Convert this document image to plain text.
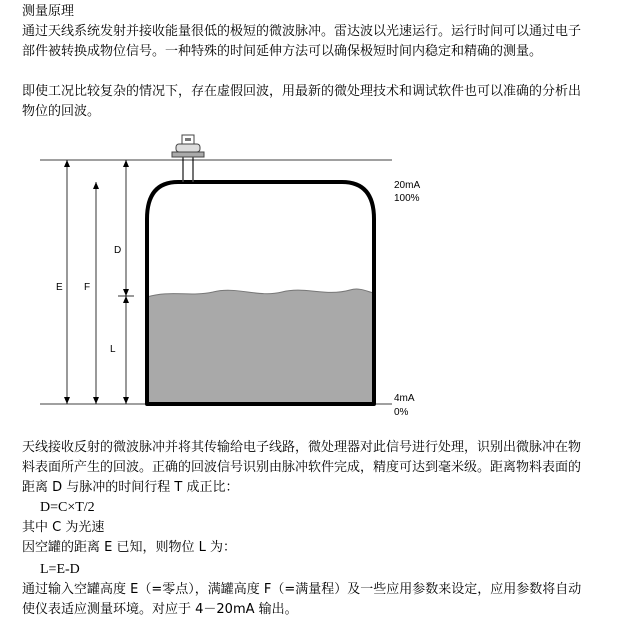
测量原理

通过天线系统发射并接收能量很低的极短的微波脉冲。雷达波以光速运行。运行时间可以通过电子部件被转换成物位信号。一种特殊的时间延伸方法可以确保极短时间内稳定和精确的测量。

即使工况比较复杂的情况下，存在虚假回波，用最新的微处理技术和调试软件也可以准确的分析出物位的回波。

E F
D
L
20mA
100%
4mA
0%

天线接收反射的微波脉冲并将其传输给电子线路，微处理器对此信号进行处理，识别出微脉冲在物料表面所产生的回波。正确的回波信号识别由脉冲软件完成，精度可达到毫米级。距离物料表面的距离 D 与脉冲的时间行程 T 成正比：

D=C×T/2

其中 C 为光速

因空罐的距离 E 已知，则物位 L 为：

L=E-D

通过输入空罐高度 E（=零点），满罐高度 F（=满量程）及一些应用参数来设定，应用参数将自动使仪表适应测量环境。对应于 4－20mA 输出。
